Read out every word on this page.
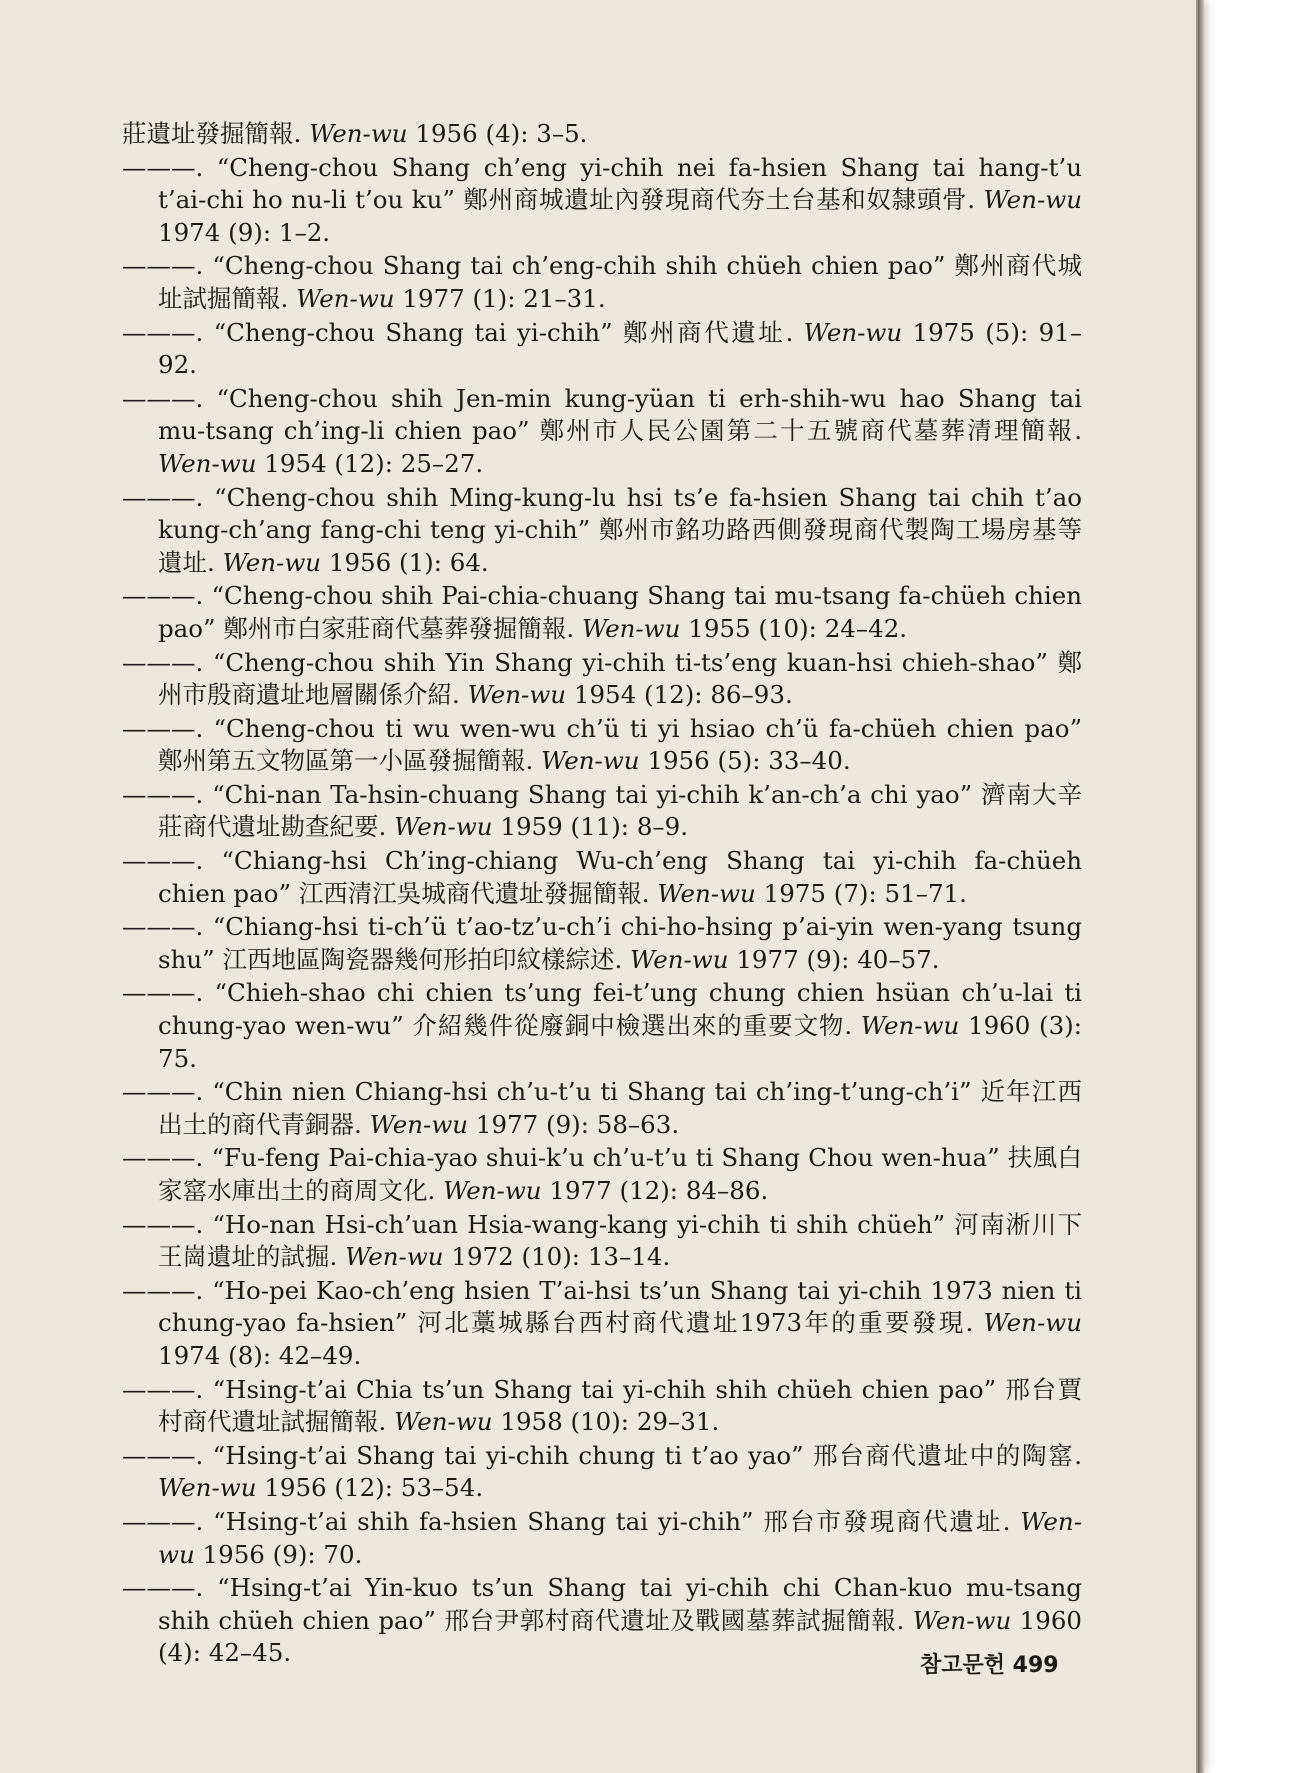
莊遺址發掘簡報. Wen-wu 1956 (4): 3–5.

———. “Cheng-chou Shang ch’eng yi-chih nei fa-hsien Shang tai hang-t’u t’ai-chi ho nu-li t’ou ku” 鄭州商城遺址內發現商代夯土台基和奴隸頭骨. Wen-wu 1974 (9): 1–2.

———. “Cheng-chou Shang tai ch’eng-chih shih chüeh chien pao” 鄭州商代城址試掘簡報. Wen-wu 1977 (1): 21–31.

———. “Cheng-chou Shang tai yi-chih” 鄭州商代遺址. Wen-wu 1975 (5): 91–92.

———. “Cheng-chou shih Jen-min kung-yüan ti erh-shih-wu hao Shang tai mu-tsang ch’ing-li chien pao” 鄭州市人民公園第二十五號商代墓葬清理簡報. Wen-wu 1954 (12): 25–27.

———. “Cheng-chou shih Ming-kung-lu hsi ts’e fa-hsien Shang tai chih t’ao kung-ch’ang fang-chi teng yi-chih” 鄭州市銘功路西側發現商代製陶工場房基等遺址. Wen-wu 1956 (1): 64.

———. “Cheng-chou shih Pai-chia-chuang Shang tai mu-tsang fa-chüeh chien pao” 鄭州市白家莊商代墓葬發掘簡報. Wen-wu 1955 (10): 24–42.

———. “Cheng-chou shih Yin Shang yi-chih ti-ts’eng kuan-hsi chieh-shao” 鄭州市殷商遺址地層關係介紹. Wen-wu 1954 (12): 86–93.

———. “Cheng-chou ti wu wen-wu ch’ü ti yi hsiao ch’ü fa-chüeh chien pao” 鄭州第五文物區第一小區發掘簡報. Wen-wu 1956 (5): 33–40.

———. “Chi-nan Ta-hsin-chuang Shang tai yi-chih k’an-ch’a chi yao” 濟南大辛莊商代遺址勘查紀要. Wen-wu 1959 (11): 8–9.

———. “Chiang-hsi Ch’ing-chiang Wu-ch’eng Shang tai yi-chih fa-chüeh chien pao” 江西清江吳城商代遺址發掘簡報. Wen-wu 1975 (7): 51–71.

———. “Chiang-hsi ti-ch’ü t’ao-tz’u-ch’i chi-ho-hsing p’ai-yin wen-yang tsung shu” 江西地區陶瓷器幾何形拍印紋樣綜述. Wen-wu 1977 (9): 40–57.

———. “Chieh-shao chi chien ts’ung fei-t’ung chung chien hsüan ch’u-lai ti chung-yao wen-wu” 介紹幾件從廢銅中檢選出來的重要文物. Wen-wu 1960 (3): 75.

———. “Chin nien Chiang-hsi ch’u-t’u ti Shang tai ch’ing-t’ung-ch’i” 近年江西出土的商代青銅器. Wen-wu 1977 (9): 58–63.

———. “Fu-feng Pai-chia-yao shui-k’u ch’u-t’u ti Shang Chou wen-hua” 扶風白家窰水庫出土的商周文化. Wen-wu 1977 (12): 84–86.

———. “Ho-nan Hsi-ch’uan Hsia-wang-kang yi-chih ti shih chüeh” 河南淅川下王崗遺址的試掘. Wen-wu 1972 (10): 13–14.

———. “Ho-pei Kao-ch’eng hsien T’ai-hsi ts’un Shang tai yi-chih 1973 nien ti chung-yao fa-hsien” 河北藁城縣台西村商代遺址1973年的重要發現. Wen-wu 1974 (8): 42–49.

———. “Hsing-t’ai Chia ts’un Shang tai yi-chih shih chüeh chien pao” 邢台賈村商代遺址試掘簡報. Wen-wu 1958 (10): 29–31.

———. “Hsing-t’ai Shang tai yi-chih chung ti t’ao yao” 邢台商代遺址中的陶窰. Wen-wu 1956 (12): 53–54.

———. “Hsing-t’ai shih fa-hsien Shang tai yi-chih” 邢台市發現商代遺址. Wen-wu 1956 (9): 70.

———. “Hsing-t’ai Yin-kuo ts’un Shang tai yi-chih chi Chan-kuo mu-tsang shih chüeh chien pao” 邢台尹郭村商代遺址及戰國墓葬試掘簡報. Wen-wu 1960 (4): 42–45.	참고문헌 499
